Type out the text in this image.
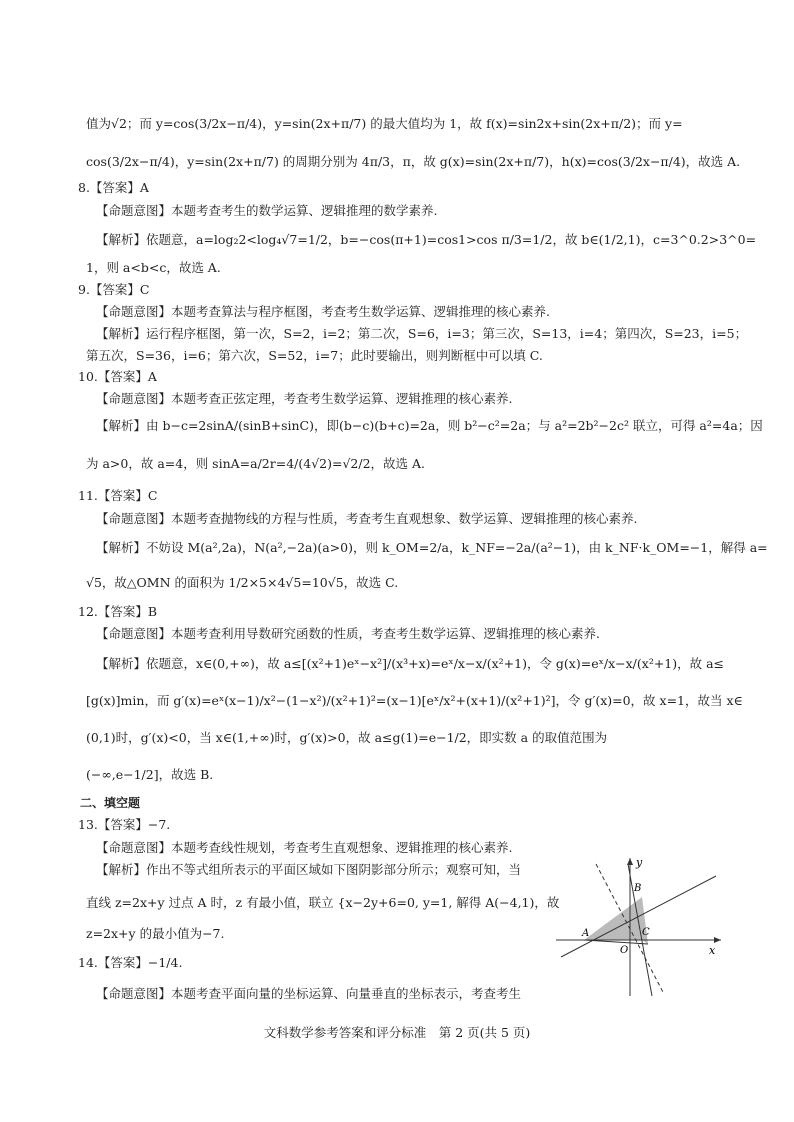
值为√2；而 y=cos(3/2x−π/4)，y=sin(2x+π/7) 的最大值均为 1，故 f(x)=sin2x+sin(2x+π/2)；而 y=
cos(3/2x−π/4)，y=sin(2x+π/7) 的周期分别为 4π/3，π，故 g(x)=sin(2x+π/7)，h(x)=cos(3/2x−π/4)，故选 A.
8.【答案】A
【命题意图】本题考查考生的数学运算、逻辑推理的数学素养.
【解析】依题意，a=log₂2<log₄√7=1/2，b=−cos(π+1)=cos1>cos π/3=1/2，故 b∈(1/2,1)，c=3^0.2>3^0=
1，则 a<b<c，故选 A.
9.【答案】C
【命题意图】本题考查算法与程序框图，考查考生数学运算、逻辑推理的核心素养.
【解析】运行程序框图，第一次，S=2，i=2；第二次，S=6，i=3；第三次，S=13，i=4；第四次，S=23，i=5；
第五次，S=36，i=6；第六次，S=52，i=7；此时要输出，则判断框中可以填 C.
10.【答案】A
【命题意图】本题考查正弦定理，考查考生数学运算、逻辑推理的核心素养.
【解析】由 b−c=2sinA/(sinB+sinC)，即(b−c)(b+c)=2a，则 b²−c²=2a；与 a²=2b²−2c² 联立，可得 a²=4a；因
为 a>0，故 a=4，则 sinA=a/2r=4/(4√2)=√2/2，故选 A.
11.【答案】C
【命题意图】本题考查抛物线的方程与性质，考查考生直观想象、数学运算、逻辑推理的核心素养.
【解析】不妨设 M(a²,2a)，N(a²,−2a)(a>0)，则 k_OM=2/a，k_NF=−2a/(a²−1)，由 k_NF·k_OM=−1，解得 a=
√5，故△OMN 的面积为 1/2×5×4√5=10√5，故选 C.
12.【答案】B
【命题意图】本题考查利用导数研究函数的性质，考查考生数学运算、逻辑推理的核心素养.
【解析】依题意，x∈(0,+∞)，故 a≤[(x²+1)eˣ−x²]/(x³+x)=eˣ/x−x/(x²+1)，令 g(x)=eˣ/x−x/(x²+1)，故 a≤
[g(x)]min，而 g′(x)=eˣ(x−1)/x²−(1−x²)/(x²+1)²=(x−1)[eˣ/x²+(x+1)/(x²+1)²]，令 g′(x)=0，故 x=1，故当 x∈
(0,1)时，g′(x)<0，当 x∈(1,+∞)时，g′(x)>0，故 a≤g(1)=e−1/2，即实数 a 的取值范围为
(−∞,e−1/2]，故选 B.
二、填空题
13.【答案】−7.
【命题意图】本题考查线性规划，考查考生直观想象、逻辑推理的核心素养.
【解析】作出不等式组所表示的平面区域如下图阴影部分所示；观察可知，当
直线 z=2x+y 过点 A 时，z 有最小值，联立 {x−2y+6=0, y=1, 解得 A(−4,1)，故
z=2x+y 的最小值为−7.
14.【答案】−1/4.
【命题意图】本题考查平面向量的坐标运算、向量垂直的坐标表示，考查考生
y
x
A
B
C
O
文科数学参考答案和评分标准　第 2 页(共 5 页)
